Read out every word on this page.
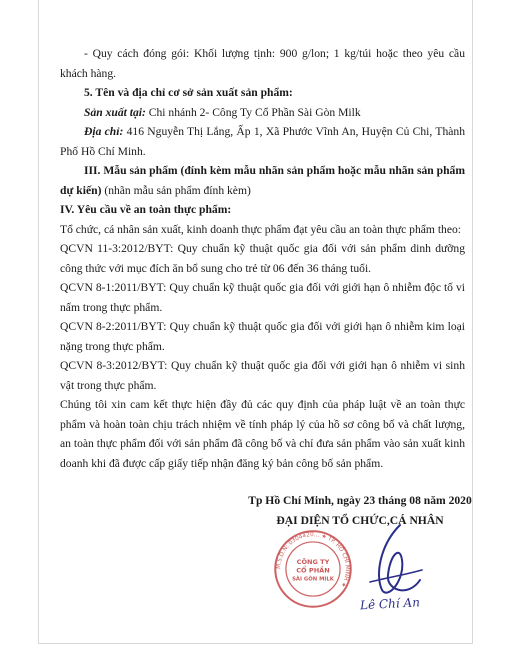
- Quy cách đóng gói: Khối lượng tịnh: 900 g/lon; 1 kg/túi hoặc theo yêu cầu khách hàng.

5. Tên và địa chỉ cơ sở sản xuất sản phẩm:

Sản xuất tại: Chi nhánh 2- Công Ty Cổ Phần Sài Gòn Milk

Địa chỉ: 416 Nguyễn Thị Lắng, Ấp 1, Xã Phước Vĩnh An, Huyện Củ Chi, Thành Phố Hồ Chí Minh.

III. Mẫu sản phẩm (đính kèm mẫu nhãn sản phẩm hoặc mẫu nhãn sản phẩm dự kiến) (nhãn mẫu sản phẩm đính kèm)

IV. Yêu cầu về an toàn thực phẩm:

Tổ chức, cá nhân sản xuất, kinh doanh thực phẩm đạt yêu cầu an toàn thực phẩm theo:

QCVN 11-3:2012/BYT: Quy chuẩn kỹ thuật quốc gia đối với sản phẩm dinh dưỡng công thức với mục đích ăn bổ sung cho trẻ từ 06 đến 36 tháng tuổi.

QCVN 8-1:2011/BYT: Quy chuẩn kỹ thuật quốc gia đối với giới hạn ô nhiễm độc tố vi nấm trong thực phẩm.

QCVN 8-2:2011/BYT: Quy chuẩn kỹ thuật quốc gia đối với giới hạn ô nhiễm kim loại nặng trong thực phẩm.

QCVN 8-3:2012/BYT: Quy chuẩn kỹ thuật quốc gia đối với giới hạn ô nhiễm vi sinh vật trong thực phẩm.

Chúng tôi xin cam kết thực hiện đầy đủ các quy định của pháp luật về an toàn thực phẩm và hoàn toàn chịu trách nhiệm về tính pháp lý của hồ sơ công bố và chất lượng, an toàn thực phẩm đối với sản phẩm đã công bố và chỉ đưa sản phẩm vào sản xuất kinh doanh khi đã được cấp giấy tiếp nhận đăng ký bản công bố sản phẩm.

Tp Hồ Chí Minh, ngày 23 tháng 08 năm 2020
ĐẠI DIỆN TỔ CHỨC,CÁ NHÂN
M.S.D.N: 0304420... ★ TP. HỒ CHÍ MINH ★
CÔNG TY
CỔ PHẦN
SÀI GÒN MILK
Lê Chí An
